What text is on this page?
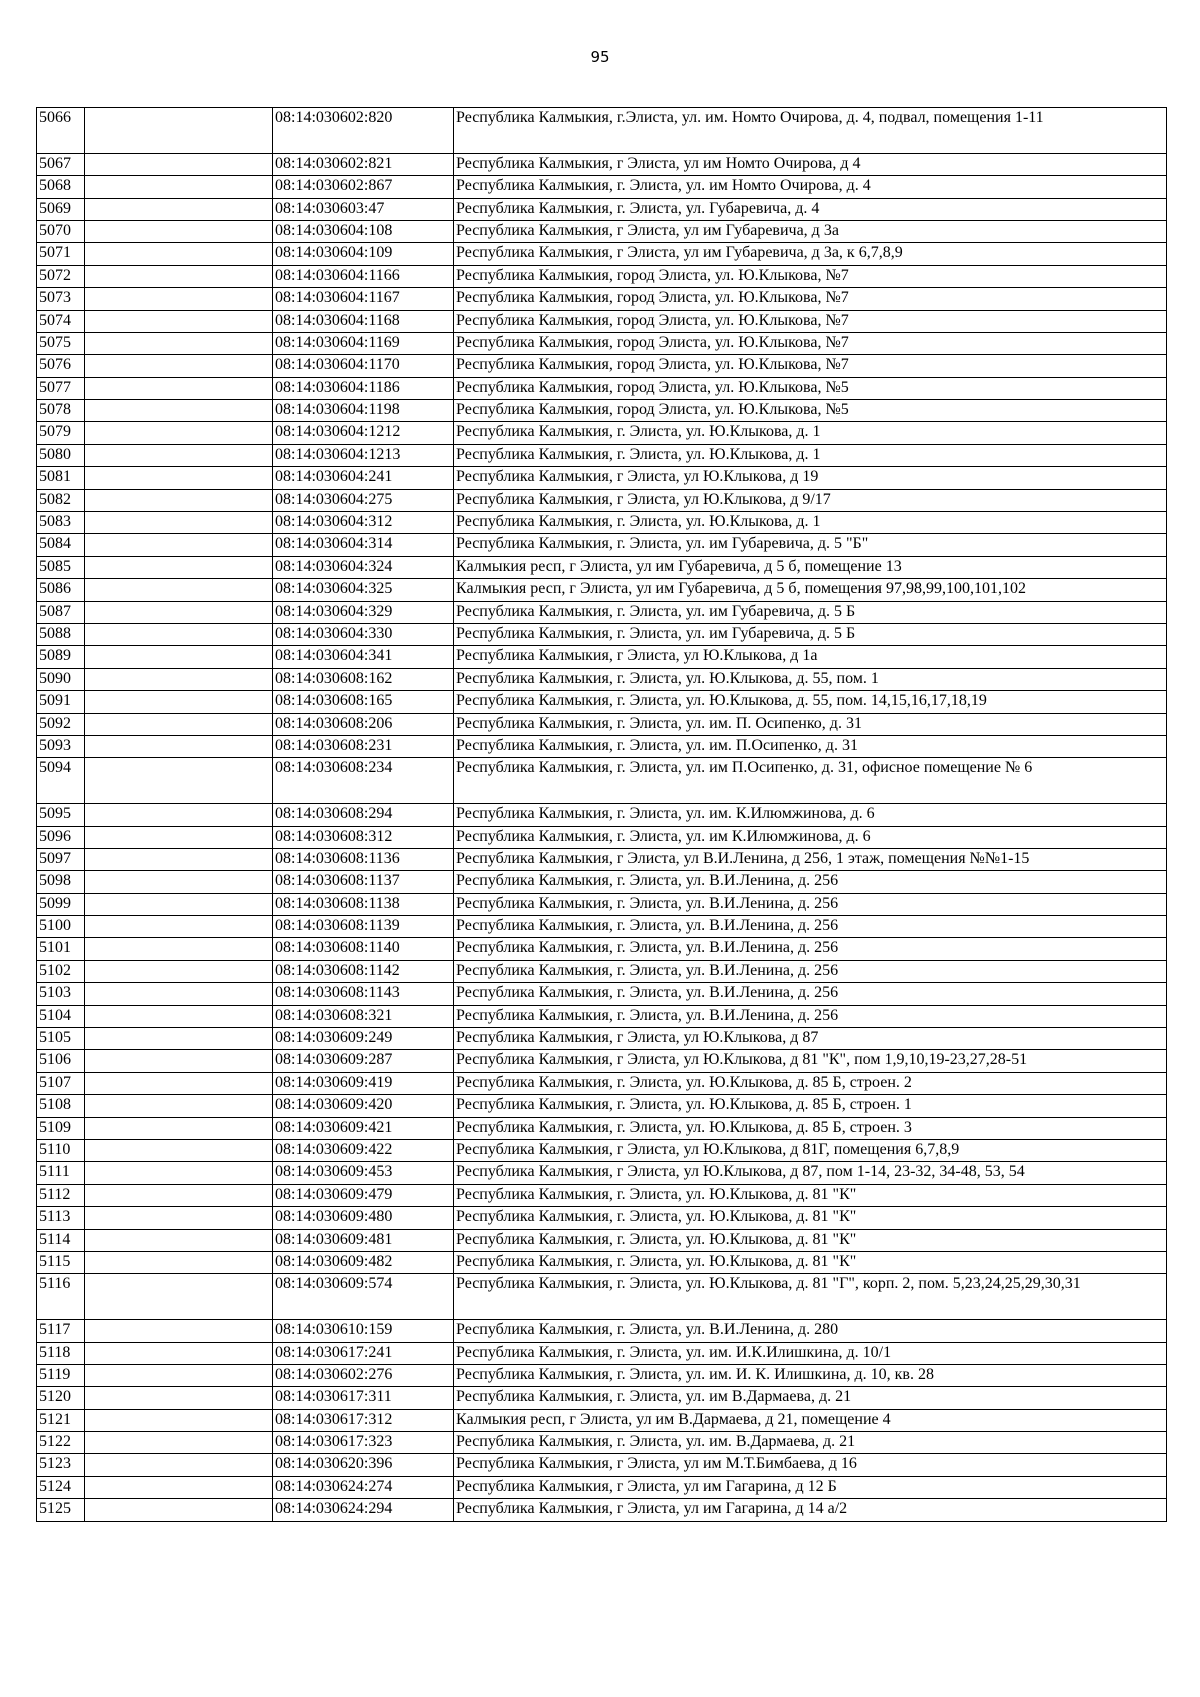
95
5066		08:14:030602:820	Республика Калмыкия, г.Элиста, ул. им. Номто Очирова, д. 4, подвал, помещения 1-11
5067		08:14:030602:821	Республика Калмыкия, г Элиста, ул им Номто Очирова, д 4
5068		08:14:030602:867	Республика Калмыкия, г. Элиста, ул. им Номто Очирова, д. 4
5069		08:14:030603:47	Республика Калмыкия, г. Элиста, ул. Губаревича, д. 4
5070		08:14:030604:108	Республика Калмыкия, г Элиста, ул им Губаревича, д 3а
5071		08:14:030604:109	Республика Калмыкия, г Элиста, ул им Губаревича, д 3а, к 6,7,8,9
5072		08:14:030604:1166	Республика Калмыкия, город Элиста, ул. Ю.Клыкова, №7
5073		08:14:030604:1167	Республика Калмыкия, город Элиста, ул. Ю.Клыкова, №7
5074		08:14:030604:1168	Республика Калмыкия, город Элиста, ул. Ю.Клыкова, №7
5075		08:14:030604:1169	Республика Калмыкия, город Элиста, ул. Ю.Клыкова, №7
5076		08:14:030604:1170	Республика Калмыкия, город Элиста, ул. Ю.Клыкова, №7
5077		08:14:030604:1186	Республика Калмыкия, город Элиста, ул. Ю.Клыкова, №5
5078		08:14:030604:1198	Республика Калмыкия, город Элиста, ул. Ю.Клыкова, №5
5079		08:14:030604:1212	Республика Калмыкия, г. Элиста, ул. Ю.Клыкова, д. 1
5080		08:14:030604:1213	Республика Калмыкия, г. Элиста, ул. Ю.Клыкова, д. 1
5081		08:14:030604:241	Республика Калмыкия, г Элиста, ул Ю.Клыкова, д 19
5082		08:14:030604:275	Республика Калмыкия, г Элиста, ул Ю.Клыкова, д 9/17
5083		08:14:030604:312	Республика Калмыкия, г. Элиста, ул. Ю.Клыкова, д. 1
5084		08:14:030604:314	Республика Калмыкия, г. Элиста, ул. им Губаревича, д. 5 "Б"
5085		08:14:030604:324	Калмыкия респ, г Элиста, ул им Губаревича, д 5 б, помещение 13
5086		08:14:030604:325	Калмыкия респ, г Элиста, ул им Губаревича, д 5 б, помещения 97,98,99,100,101,102
5087		08:14:030604:329	Республика Калмыкия, г. Элиста, ул. им Губаревича, д. 5 Б
5088		08:14:030604:330	Республика Калмыкия, г. Элиста, ул. им Губаревича, д. 5 Б
5089		08:14:030604:341	Республика Калмыкия, г Элиста, ул Ю.Клыкова, д 1а
5090		08:14:030608:162	Республика Калмыкия, г. Элиста, ул. Ю.Клыкова, д. 55, пом. 1
5091		08:14:030608:165	Республика Калмыкия, г. Элиста, ул. Ю.Клыкова, д. 55, пом. 14,15,16,17,18,19
5092		08:14:030608:206	Республика Калмыкия, г. Элиста, ул. им. П. Осипенко, д. 31
5093		08:14:030608:231	Республика Калмыкия, г. Элиста, ул. им. П.Осипенко, д. 31
5094		08:14:030608:234	Республика Калмыкия, г. Элиста, ул. им П.Осипенко, д. 31, офисное помещение № 6
5095		08:14:030608:294	Республика Калмыкия, г. Элиста, ул. им. К.Илюмжинова, д. 6
5096		08:14:030608:312	Республика Калмыкия, г. Элиста, ул. им К.Илюмжинова, д. 6
5097		08:14:030608:1136	Республика Калмыкия, г Элиста, ул В.И.Ленина, д 256, 1 этаж, помещения №№1-15
5098		08:14:030608:1137	Республика Калмыкия, г. Элиста, ул. В.И.Ленина, д. 256
5099		08:14:030608:1138	Республика Калмыкия, г. Элиста, ул. В.И.Ленина, д. 256
5100		08:14:030608:1139	Республика Калмыкия, г. Элиста, ул. В.И.Ленина, д. 256
5101		08:14:030608:1140	Республика Калмыкия, г. Элиста, ул. В.И.Ленина, д. 256
5102		08:14:030608:1142	Республика Калмыкия, г. Элиста, ул. В.И.Ленина, д. 256
5103		08:14:030608:1143	Республика Калмыкия, г. Элиста, ул. В.И.Ленина, д. 256
5104		08:14:030608:321	Республика Калмыкия, г. Элиста, ул. В.И.Ленина, д. 256
5105		08:14:030609:249	Республика Калмыкия, г Элиста, ул Ю.Клыкова, д 87
5106		08:14:030609:287	Республика Калмыкия, г Элиста, ул Ю.Клыкова, д 81 "К", пом 1,9,10,19-23,27,28-51
5107		08:14:030609:419	Республика Калмыкия, г. Элиста, ул. Ю.Клыкова, д. 85 Б, строен. 2
5108		08:14:030609:420	Республика Калмыкия, г. Элиста, ул. Ю.Клыкова, д. 85 Б, строен. 1
5109		08:14:030609:421	Республика Калмыкия, г. Элиста, ул. Ю.Клыкова, д. 85 Б, строен. 3
5110		08:14:030609:422	Республика Калмыкия, г Элиста, ул Ю.Клыкова, д 81Г, помещения 6,7,8,9
5111		08:14:030609:453	Республика Калмыкия, г Элиста, ул Ю.Клыкова, д 87, пом 1-14, 23-32, 34-48, 53, 54
5112		08:14:030609:479	Республика Калмыкия, г. Элиста, ул. Ю.Клыкова, д. 81 "К"
5113		08:14:030609:480	Республика Калмыкия, г. Элиста, ул. Ю.Клыкова, д. 81 "К"
5114		08:14:030609:481	Республика Калмыкия, г. Элиста, ул. Ю.Клыкова, д. 81 "К"
5115		08:14:030609:482	Республика Калмыкия, г. Элиста, ул. Ю.Клыкова, д. 81 "К"
5116		08:14:030609:574	Республика Калмыкия, г. Элиста, ул. Ю.Клыкова, д. 81 "Г", корп. 2, пом. 5,23,24,25,29,30,31
5117		08:14:030610:159	Республика Калмыкия, г. Элиста, ул. В.И.Ленина, д. 280
5118		08:14:030617:241	Республика Калмыкия, г. Элиста, ул. им. И.К.Илишкина, д. 10/1
5119		08:14:030602:276	Республика Калмыкия, г. Элиста, ул. им. И. К. Илишкина, д. 10, кв. 28
5120		08:14:030617:311	Республика Калмыкия, г. Элиста, ул. им В.Дармаева, д. 21
5121		08:14:030617:312	Калмыкия респ, г Элиста, ул им В.Дармаева, д 21, помещение 4
5122		08:14:030617:323	Республика Калмыкия, г. Элиста, ул. им. В.Дармаева, д. 21
5123		08:14:030620:396	Республика Калмыкия, г Элиста, ул им М.Т.Бимбаева, д 16
5124		08:14:030624:274	Республика Калмыкия, г Элиста, ул им Гагарина, д 12 Б
5125		08:14:030624:294	Республика Калмыкия, г Элиста, ул им Гагарина, д 14 а/2
